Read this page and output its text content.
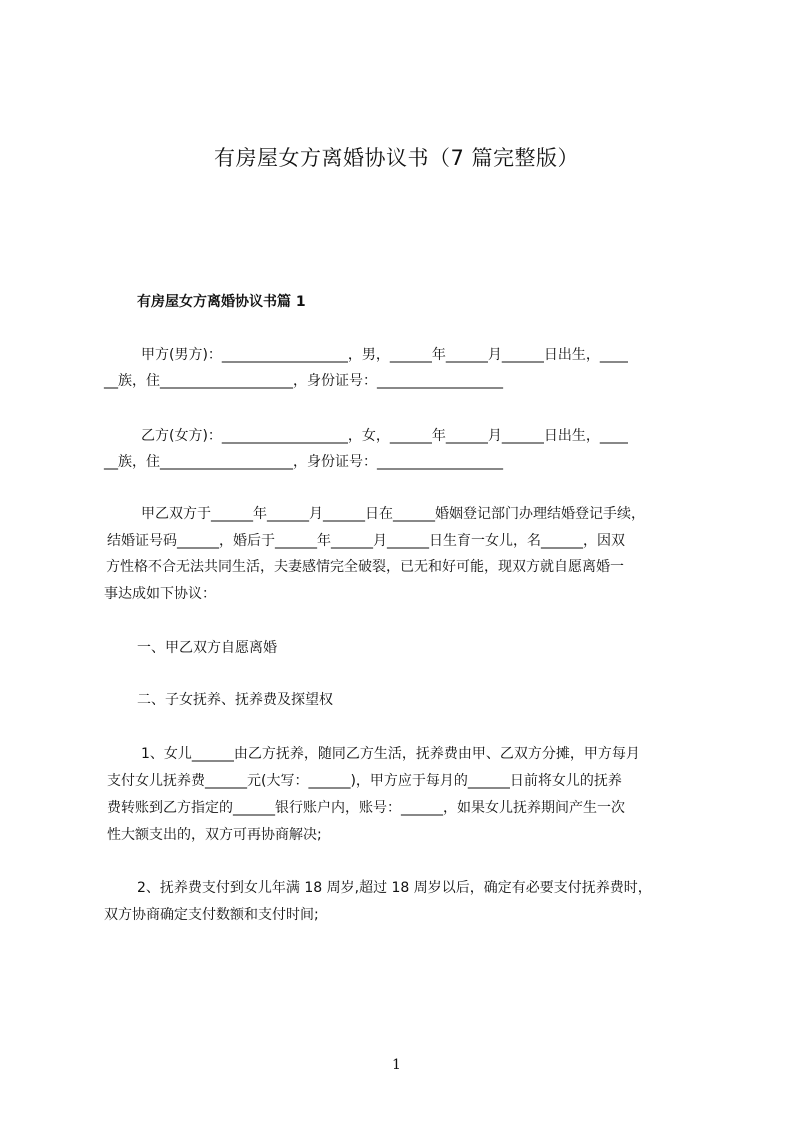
有房屋女方离婚协议书（7 篇完整版）
有房屋女方离婚协议书篇 1
甲方(男方)：__________________，男，______年______月______日出生，____
__族，住___________________，身份证号：__________________
乙方(女方)：__________________，女，______年______月______日出生，____
__族，住___________________，身份证号：__________________
甲乙双方于______年______月______日在______婚姻登记部门办理结婚登记手续，
结婚证号码______，婚后于______年______月______日生育一女儿，名______，因双
方性格不合无法共同生活，夫妻感情完全破裂，已无和好可能，现双方就自愿离婚一
事达成如下协议：
一、甲乙双方自愿离婚
二、子女抚养、抚养费及探望权
1、女儿______由乙方抚养，随同乙方生活，抚养费由甲、乙双方分摊，甲方每月
支付女儿抚养费______元(大写：______)，甲方应于每月的______日前将女儿的抚养
费转账到乙方指定的______银行账户内，账号：______，如果女儿抚养期间产生一次
性大额支出的，双方可再协商解决;
2、抚养费支付到女儿年满 18 周岁,超过 18 周岁以后，确定有必要支付抚养费时，
双方协商确定支付数额和支付时间;
1
